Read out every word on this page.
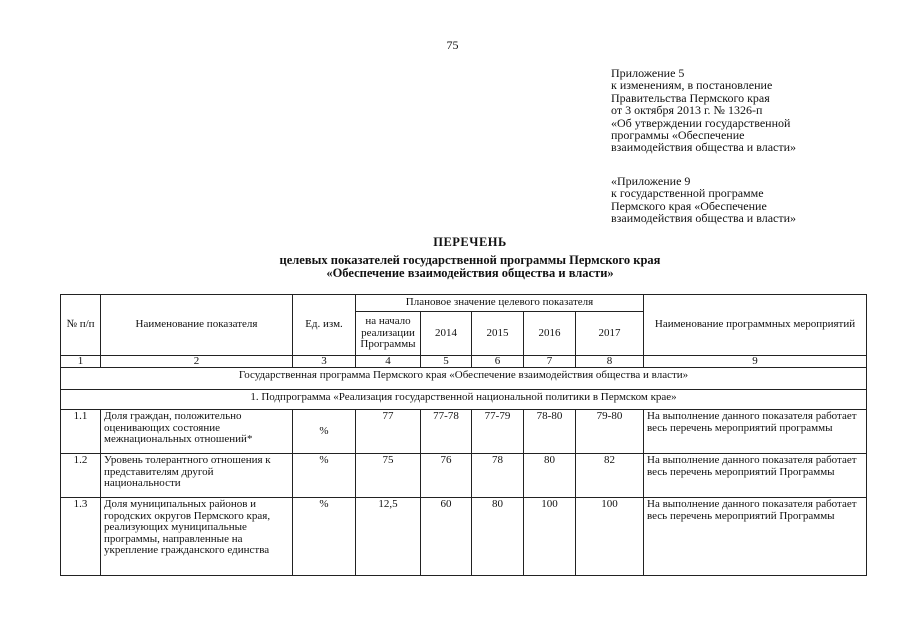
75
Приложение 5
к изменениям, в постановление
Правительства Пермского края
от 3 октября 2013 г. № 1326-п
«Об утверждении государственной
программы «Обеспечение
взаимодействия общества и власти»
«Приложение 9
к государственной программе
Пермского края «Обеспечение
взаимодействия общества и власти»
ПЕРЕЧЕНЬ
целевых показателей государственной программы Пермского края
«Обеспечение взаимодействия общества и власти»
№ п/п	Наименование показателя	Ед. изм.	Плановое значение целевого показателя					Наименование программных мероприятий
			на начало реализации Программы	2014	2015	2016	2017	
1	2	3	4	5	6	7	8	9
Государственная программа Пермского края «Обеспечение взаимодействия общества и власти»								
1. Подпрограмма «Реализация государственной национальной политики в Пермском крае»								
1.1	Доля граждан, положительно оценивающих состояние межнациональных отношений*	%	77	77-78	77-79	78-80	79-80	На выполнение данного показателя работает весь перечень мероприятий программы
1.2	Уровень толерантного отношения к представителям другой национальности	%	75	76	78	80	82	На выполнение данного показателя работает весь перечень мероприятий Программы
1.3	Доля муниципальных районов и городских округов Пермского края, реализующих муниципальные программы, направленные на укрепление гражданского единства	%	12,5	60	80	100	100	На выполнение данного показателя работает весь перечень мероприятий Программы
